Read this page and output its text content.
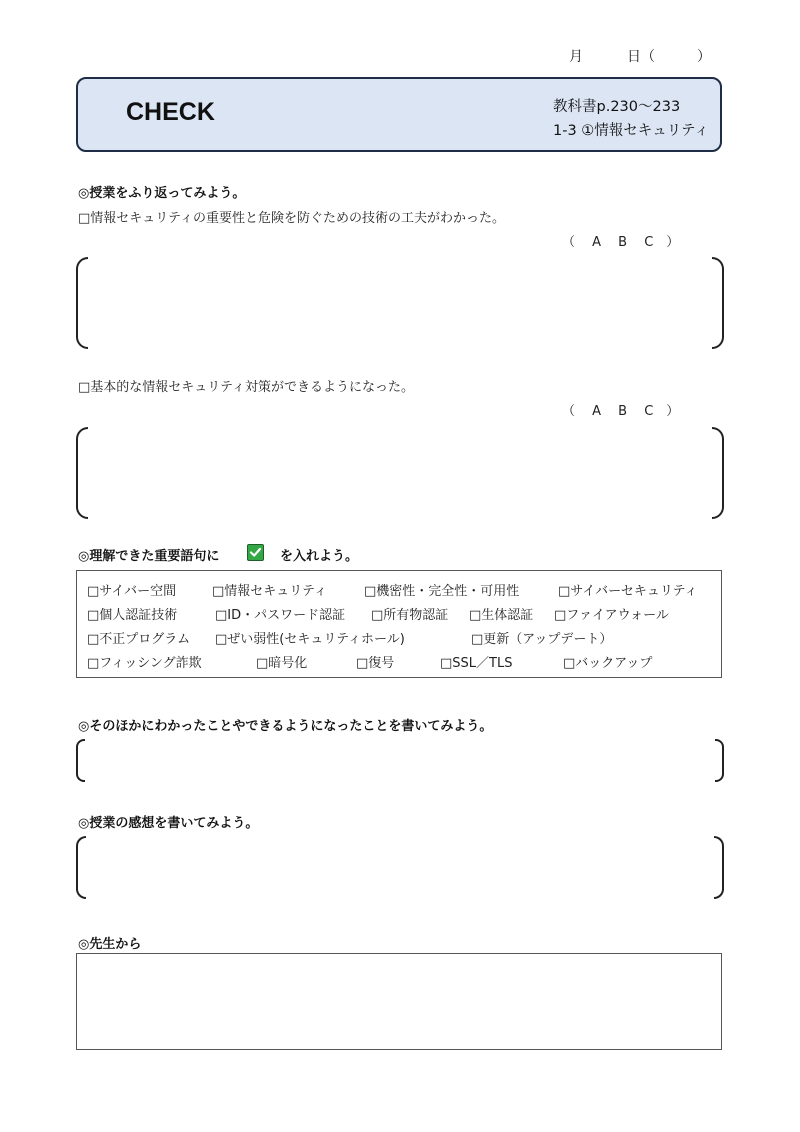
月	日（	）
CHECK	教科書p.230～233
1-3 ①情報セキュリティ
◎授業をふり返ってみよう。
□情報セキュリティの重要性と危険を防ぐための技術の工夫がわかった。
（　 A　 B　 C　）
□基本的な情報セキュリティ対策ができるようになった。
（　 A　 B　 C　）
◎理解できた重要語句に	を入れよう。
□サイバー空間	□情報セキュリティ	□機密性・完全性・可用性	□サイバーセキュリティ
□個人認証技術	□ID・パスワード認証 □所有物認証 □生体認証 □ファイアウォール
□不正プログラム □ぜい弱性(セキュリティホール)	□更新（アップデート）
□フィッシング詐欺	□暗号化	□復号	□SSL／TLS	□バックアップ
◎そのほかにわかったことやできるようになったことを書いてみよう。
◎授業の感想を書いてみよう。
◎先生から
